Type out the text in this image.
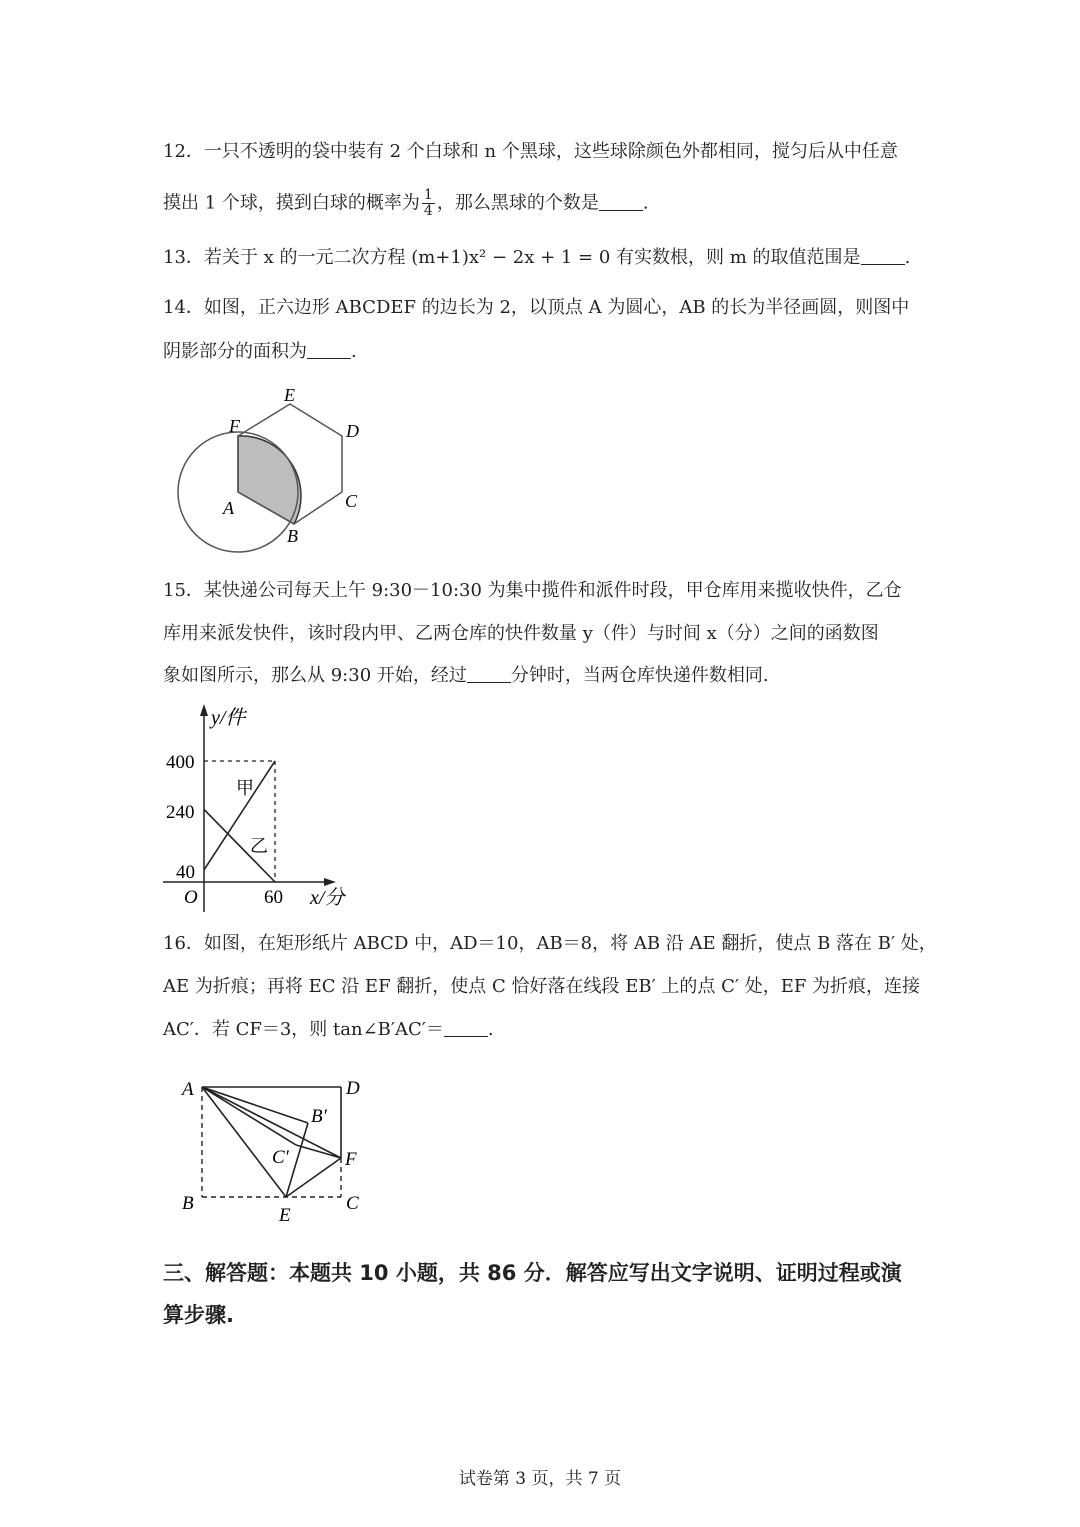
12．一只不透明的袋中装有 2 个白球和 n 个黑球，这些球除颜色外都相同，搅匀后从中任意
摸出 1 个球，摸到白球的概率为 $\frac{1}{4}$ ，那么黑球的个数是 .
13．若关于 x 的一元二次方程 (m+1)x² − 2x + 1 = 0 有实数根，则 m 的取值范围是 .
14．如图，正六边形 ABCDEF 的边长为 2，以顶点 A 为圆心，AB 的长为半径画圆，则图中
阴影部分的面积为 .
E
F	D
A	C
B
15．某快递公司每天上午 9:30－10:30 为集中揽件和派件时段，甲仓库用来揽收快件，乙仓
库用来派发快件，该时段内甲、乙两仓库的快件数量 y（件）与时间 x（分）之间的函数图
象如图所示，那么从 9:30 开始，经过 分钟时，当两仓库快递件数相同.
y/件
x/分
O
400
240
40
60
甲
乙
16．如图，在矩形纸片 ABCD 中，AD＝10，AB＝8，将 AB 沿 AE 翻折，使点 B 落在 B′ 处，
AE 为折痕；再将 EC 沿 EF 翻折，使点 C 恰好落在线段 EB′ 上的点 C′ 处，EF 为折痕，连接
AC′．若 CF＝3，则 tan∠B′AC′＝ .
A	D
B′
C′	F
B
E
C
三、解答题：本题共 10 小题，共 86 分．解答应写出文字说明、证明过程或演
算步骤.
试卷第 3 页，共 7 页
